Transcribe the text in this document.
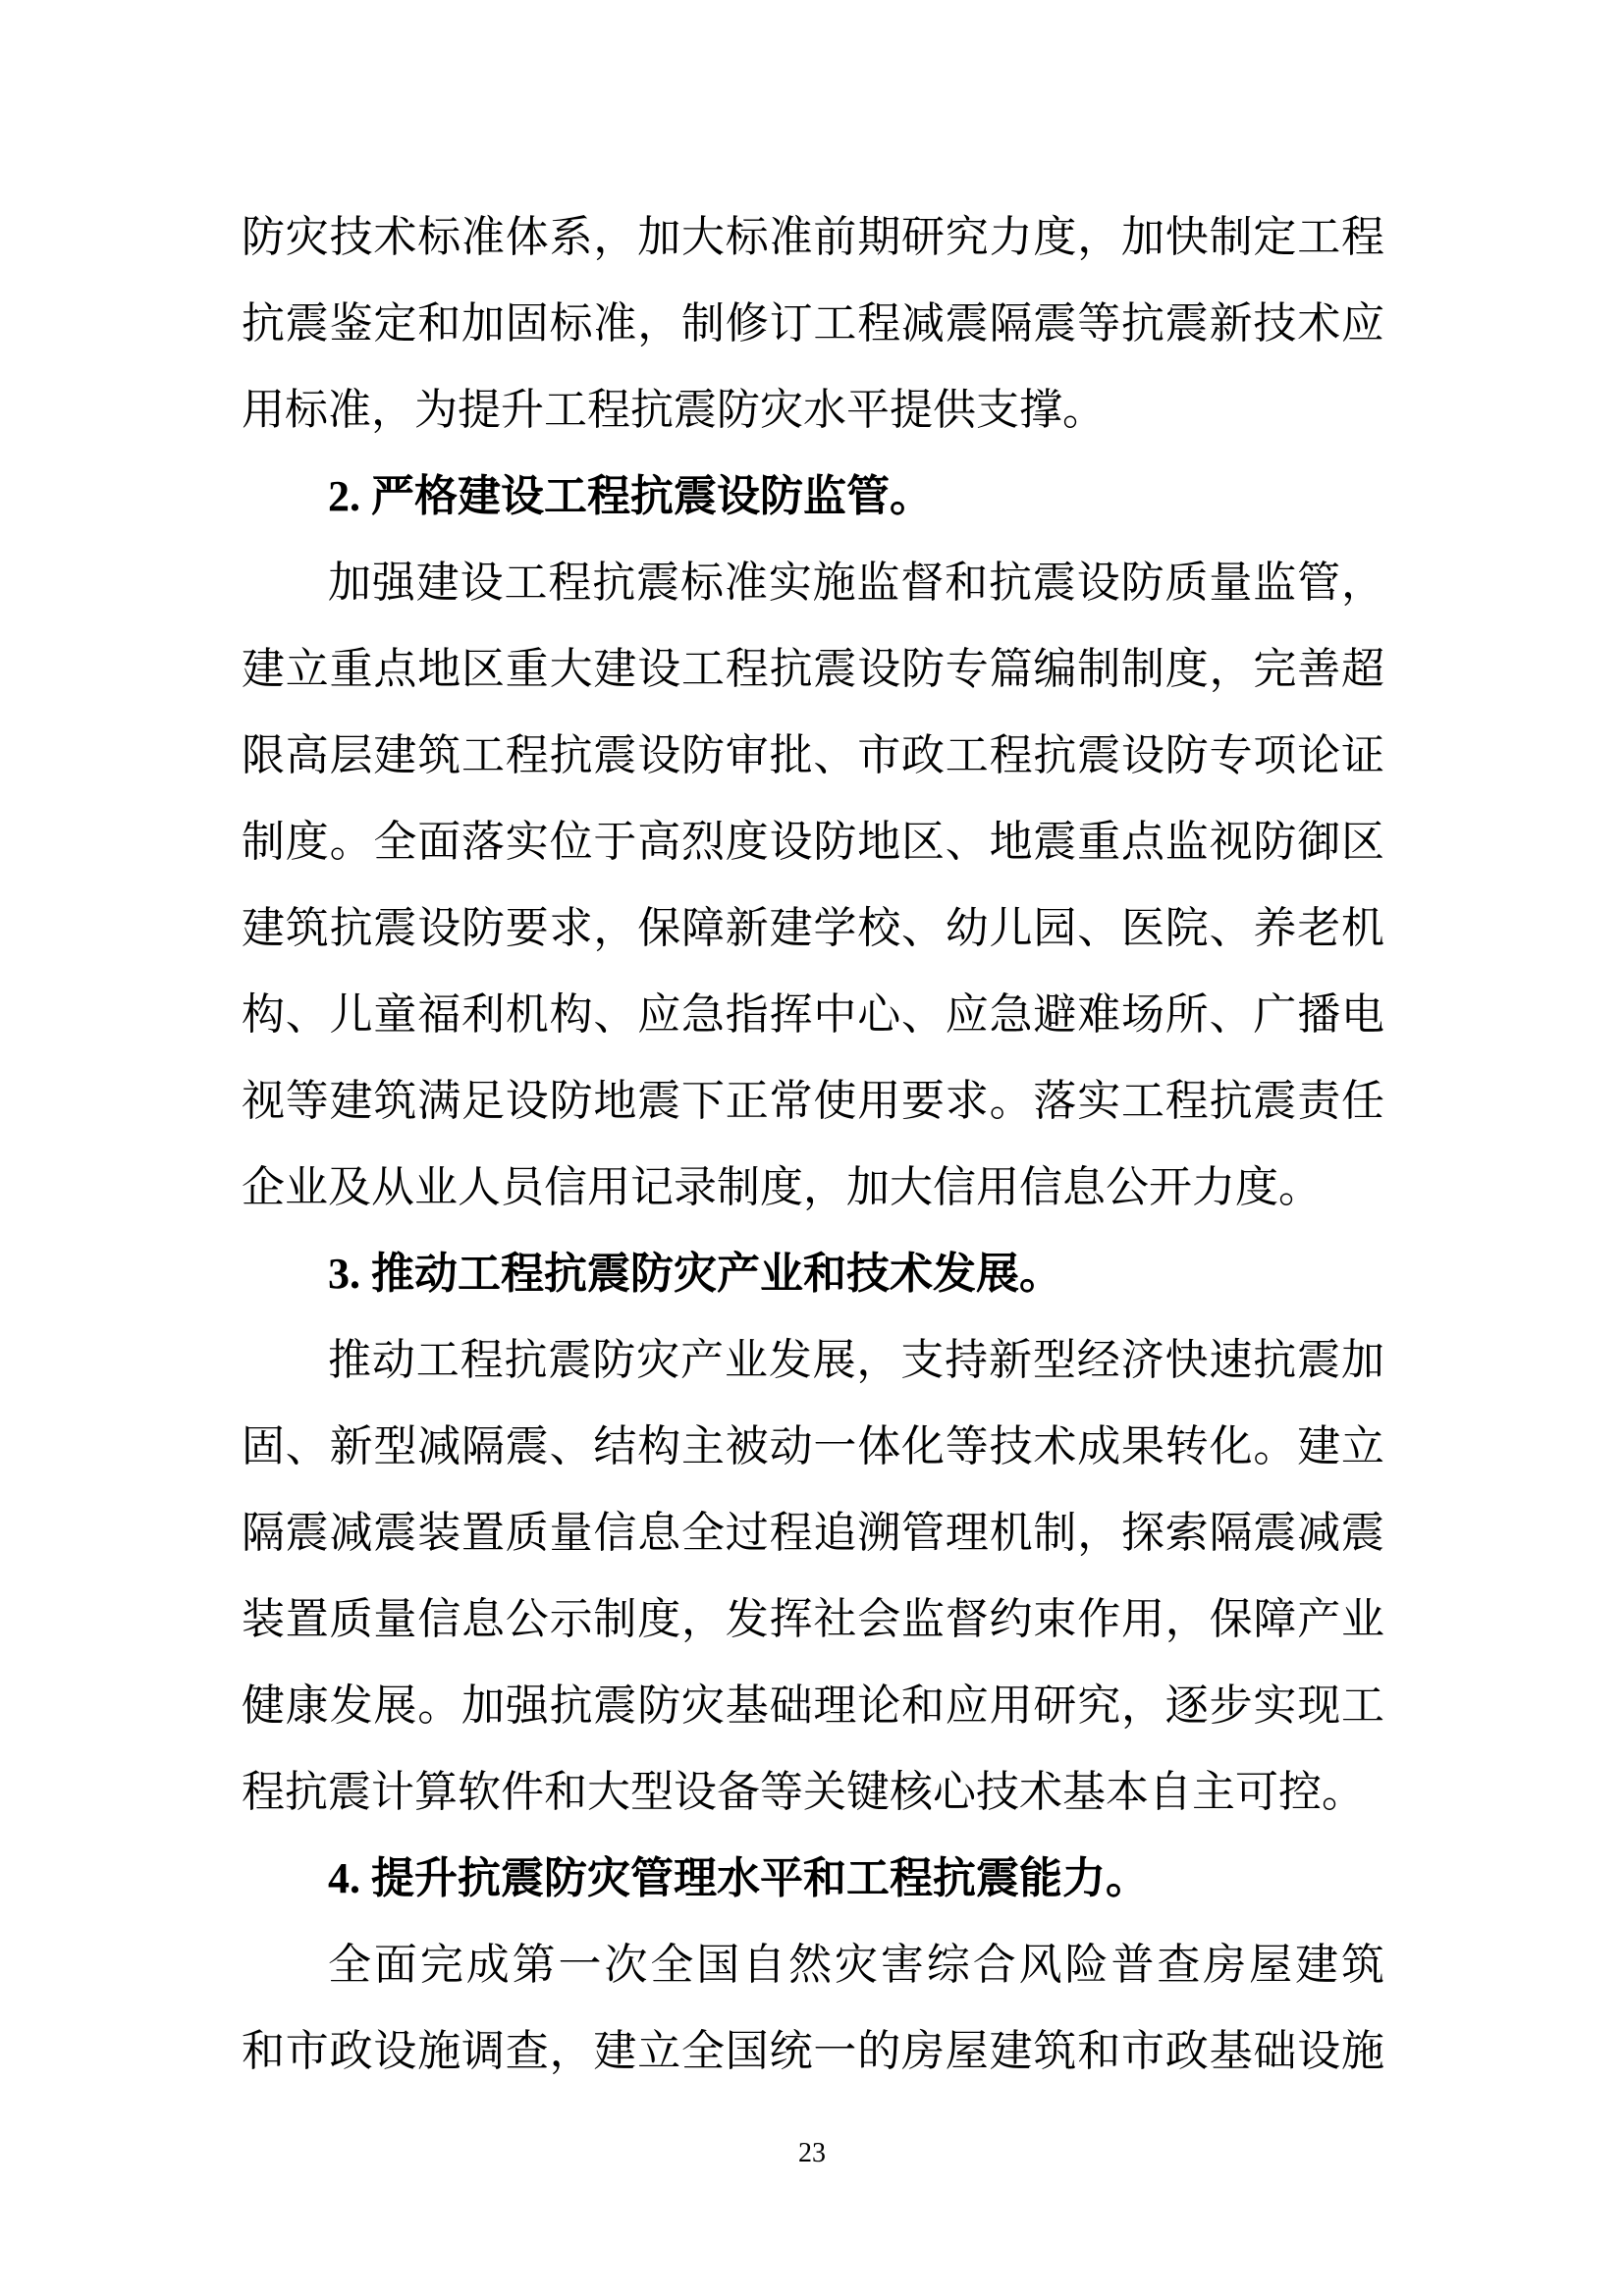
防灾技术标准体系，加大标准前期研究力度，加快制定工程
抗震鉴定和加固标准，制修订工程减震隔震等抗震新技术应
用标准，为提升工程抗震防灾水平提供支撑。
2. 严格建设工程抗震设防监管。
加强建设工程抗震标准实施监督和抗震设防质量监管，
建立重点地区重大建设工程抗震设防专篇编制制度，完善超
限高层建筑工程抗震设防审批、市政工程抗震设防专项论证
制度。全面落实位于高烈度设防地区、地震重点监视防御区
建筑抗震设防要求，保障新建学校、幼儿园、医院、养老机
构、儿童福利机构、应急指挥中心、应急避难场所、广播电
视等建筑满足设防地震下正常使用要求。落实工程抗震责任
企业及从业人员信用记录制度，加大信用信息公开力度。
3. 推动工程抗震防灾产业和技术发展。
推动工程抗震防灾产业发展，支持新型经济快速抗震加
固、新型减隔震、结构主被动一体化等技术成果转化。建立
隔震减震装置质量信息全过程追溯管理机制，探索隔震减震
装置质量信息公示制度，发挥社会监督约束作用，保障产业
健康发展。加强抗震防灾基础理论和应用研究，逐步实现工
程抗震计算软件和大型设备等关键核心技术基本自主可控。
4. 提升抗震防灾管理水平和工程抗震能力。
全面完成第一次全国自然灾害综合风险普查房屋建筑
和市政设施调查，建立全国统一的房屋建筑和市政基础设施
23
